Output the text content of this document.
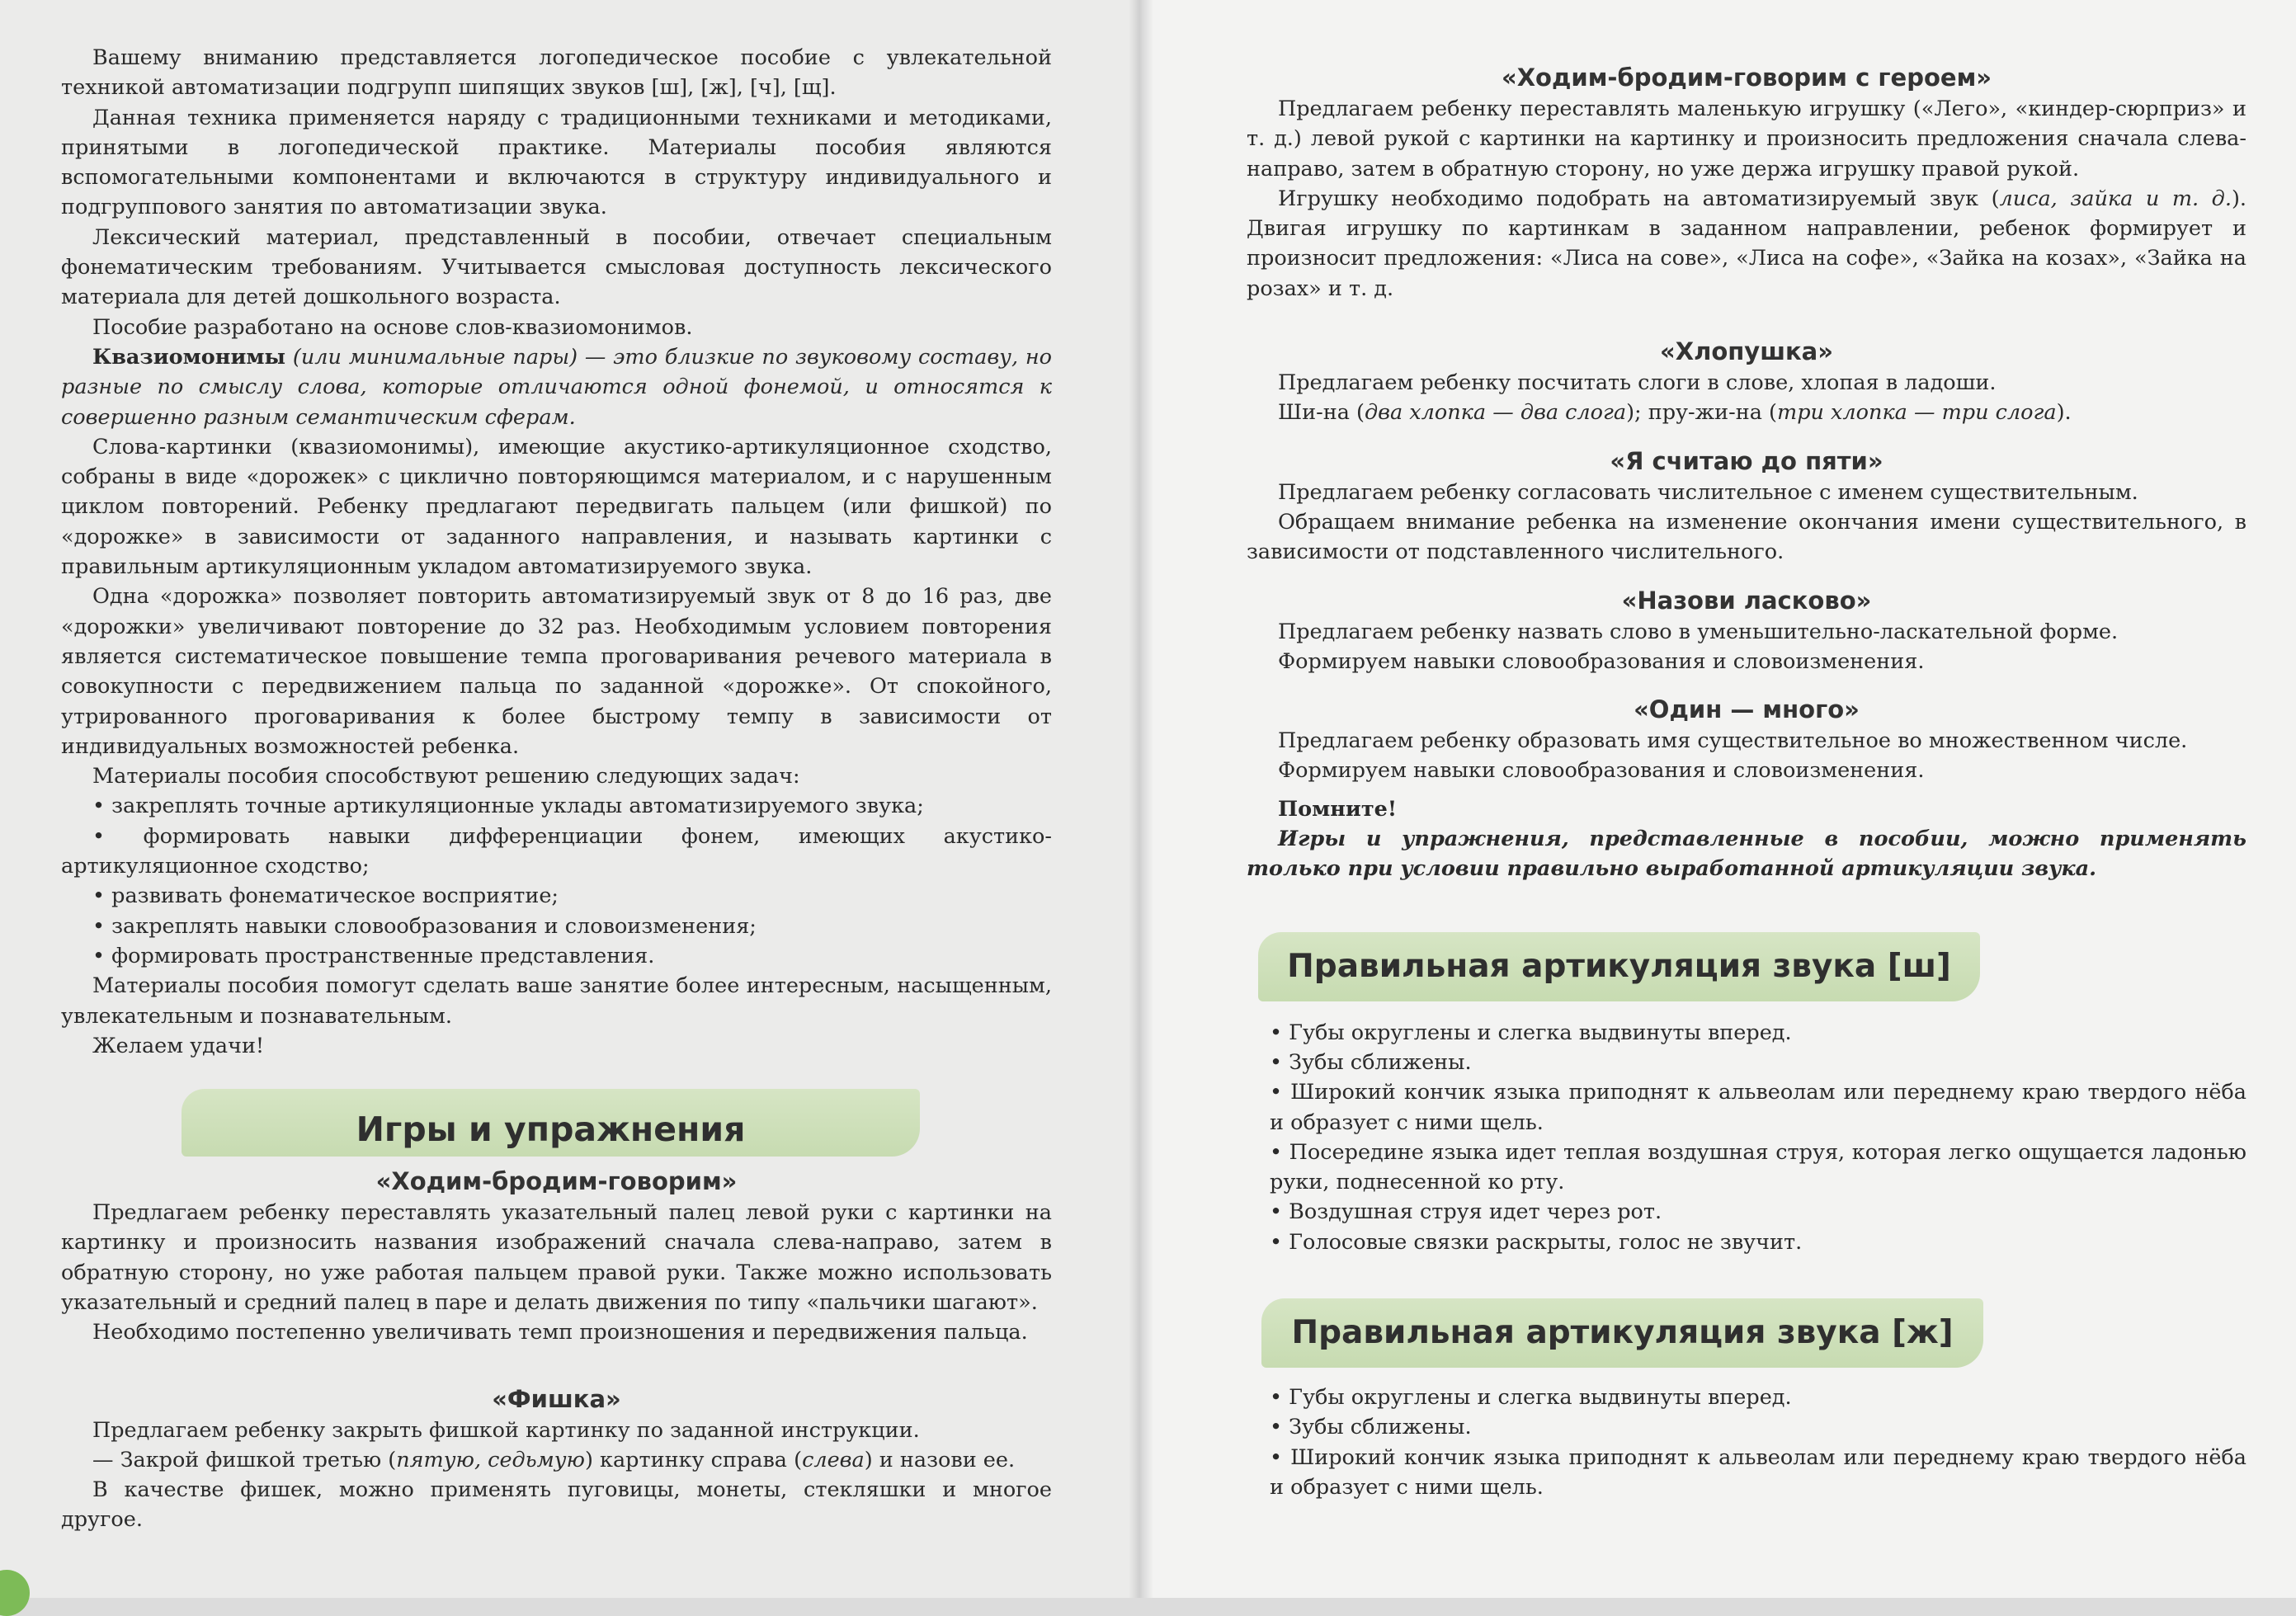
Вашему вниманию представляется логопедическое пособие с увлекательной техникой автоматизации подгрупп шипящих звуков [ш], [ж], [ч], [щ].

Данная техника применяется наряду с традиционными техниками и методиками, принятыми в логопедической практике. Материалы пособия являются вспомогательными компонентами и включаются в структуру индивидуального и подгруппового занятия по автоматизации звука.

Лексический материал, представленный в пособии, отвечает специальным фонематическим требованиям. Учитывается смысловая доступность лексического материала для детей дошкольного возраста.

Пособие разработано на основе слов-квазиомонимов.

Квазиомонимы (или минимальные пары) — это близкие по звуковому составу, но разные по смыслу слова, которые отличаются одной фонемой, и относятся к совершенно разным семантическим сферам.

Слова-картинки (квазиомонимы), имеющие акустико-артикуляционное сходство, собраны в виде «дорожек» с циклично повторяющимся материалом, и с нарушенным циклом повторений. Ребенку предлагают передвигать пальцем (или фишкой) по «дорожке» в зависимости от заданного направления, и называть картинки с правильным артикуляционным укладом автоматизируемого звука.

Одна «дорожка» позволяет повторить автоматизируемый звук от 8 до 16 раз, две «дорожки» увеличивают повторение до 32 раз. Необходимым условием повторения является систематическое повышение темпа проговаривания речевого материала в совокупности с передвижением пальца по заданной «дорожке». От спокойного, утрированного проговаривания к более быстрому темпу в зависимости от индивидуальных возможностей ребенка.

Материалы пособия способствуют решению следующих задач:

• закреплять точные артикуляционные уклады автоматизируемого звука;

• формировать навыки дифференциации фонем, имеющих акустико-артикуляционное сходство;

• развивать фонематическое восприятие;

• закреплять навыки словообразования и словоизменения;

• формировать пространственные представления.

Материалы пособия помогут сделать ваше занятие более интересным, насыщенным, увлекательным и познавательным.

Желаем удачи!

Игры и упражнения
«Ходим-бродим-говорим»

Предлагаем ребенку переставлять указательный палец левой руки с картинки на картинку и произносить названия изображений сначала слева-направо, затем в обратную сторону, но уже работая пальцем правой руки. Также можно использовать указательный и средний палец в паре и делать движения по типу «пальчики шагают».

Необходимо постепенно увеличивать темп произношения и передвижения пальца.

«Фишка»

Предлагаем ребенку закрыть фишкой картинку по заданной инструкции.

— Закрой фишкой третью (пятую, седьмую) картинку справа (слева) и назови ее.

В качестве фишек, можно применять пуговицы, монеты, стекляшки и многое другое.

«Ходим-бродим-говорим с героем»

Предлагаем ребенку переставлять маленькую игрушку («Лего», «киндер-сюрприз» и т. д.) левой рукой с картинки на картинку и произносить предложения сначала слева-направо, затем в обратную сторону, но уже держа игрушку правой рукой.

Игрушку необходимо подобрать на автоматизируемый звук (лиса, зайка и т. д.). Двигая игрушку по картинкам в заданном направлении, ребенок формирует и произносит предложения: «Лиса на сове», «Лиса на софе», «Зайка на козах», «Зайка на розах» и т. д.

«Хлопушка»

Предлагаем ребенку посчитать слоги в слове, хлопая в ладоши.

Ши-на (два хлопка — два слога); пру-жи-на (три хлопка — три слога).

«Я считаю до пяти»

Предлагаем ребенку согласовать числительное с именем существительным.

Обращаем внимание ребенка на изменение окончания имени существительного, в зависимости от подставленного числительного.

«Назови ласково»

Предлагаем ребенку назвать слово в уменьшительно-ласкательной форме.

Формируем навыки словообразования и словоизменения.

«Один — много»

Предлагаем ребенку образовать имя существительное во множественном числе.

Формируем навыки словообразования и словоизменения.

Помните!

Игры и упражнения, представленные в пособии, можно применять только при условии правильно выработанной артикуляции звука.

Правильная артикуляция звука [ш]

• Губы округлены и слегка выдвинуты вперед.

• Зубы сближены.

• Широкий кончик языка приподнят к альвеолам или переднему краю твердого нёба и образует с ними щель.

• Посередине языка идет теплая воздушная струя, которая легко ощущается ладонью руки, поднесенной ко рту.

• Воздушная струя идет через рот.

• Голосовые связки раскрыты, голос не звучит.

Правильная артикуляция звука [ж]

• Губы округлены и слегка выдвинуты вперед.

• Зубы сближены.

• Широкий кончик языка приподнят к альвеолам или переднему краю твердого нёба и образует с ними щель.
